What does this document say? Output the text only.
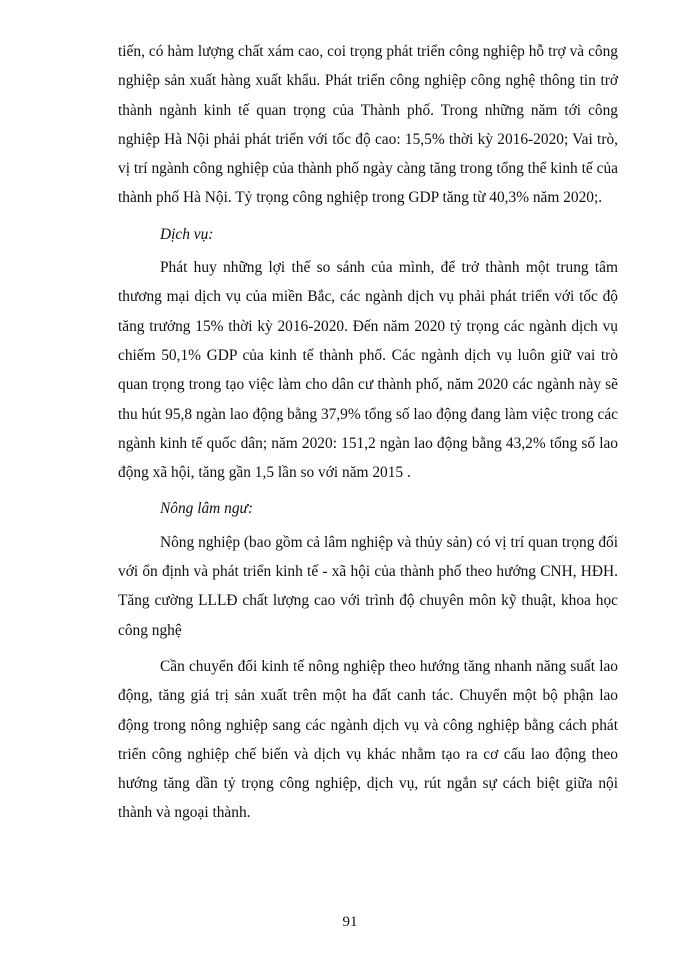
tiến, có hàm lượng chất xám cao, coi trọng phát triển công nghiệp hỗ trợ và công nghiệp sản xuất hàng xuất khẩu. Phát triển công nghiệp công nghệ thông tin trở thành ngành kinh tế quan trọng của Thành phố. Trong những năm tới công nghiệp Hà Nội phải phát triển với tốc độ cao: 15,5% thời kỳ 2016-2020; Vai trò, vị trí ngành công nghiệp của thành phố ngày càng tăng trong tổng thể kinh tế của thành phố Hà Nội. Tỷ trọng công nghiệp trong GDP tăng từ 40,3% năm 2020;.

Dịch vụ:

Phát huy những lợi thế so sánh của mình, để trở thành một trung tâm thương mại dịch vụ của miền Bắc, các ngành dịch vụ phải phát triển với tốc độ tăng trưởng 15% thời kỳ 2016-2020. Đến năm 2020 tỷ trọng các ngành dịch vụ chiếm 50,1% GDP của kinh tế thành phố. Các ngành dịch vụ luôn giữ vai trò quan trọng trong tạo việc làm cho dân cư thành phố, năm 2020 các ngành này sẽ thu hút 95,8 ngàn lao động bằng 37,9% tổng số lao động đang làm việc trong các ngành kinh tế quốc dân; năm 2020: 151,2 ngàn lao động bằng 43,2% tổng số lao động xã hội, tăng gần 1,5 lần so với năm 2015 .

Nông lâm ngư:

Nông nghiệp (bao gồm cả lâm nghiệp và thủy sản) có vị trí quan trọng đối với ổn định và phát triển kinh tế - xã hội của thành phố theo hướng CNH, HĐH. Tăng cường LLLĐ chất lượng cao với trình độ chuyên môn kỹ thuật, khoa học công nghệ

Cần chuyển đổi kinh tế nông nghiệp theo hướng tăng nhanh năng suất lao động, tăng giá trị sản xuất trên một ha đất canh tác. Chuyển một bộ phận lao động trong nông nghiệp sang các ngành dịch vụ và công nghiệp bằng cách phát triển công nghiệp chế biến và dịch vụ khác nhằm tạo ra cơ cấu lao động theo hướng tăng dần tỷ trọng công nghiệp, dịch vụ, rút ngắn sự cách biệt giữa nội thành và ngoại thành.

91
